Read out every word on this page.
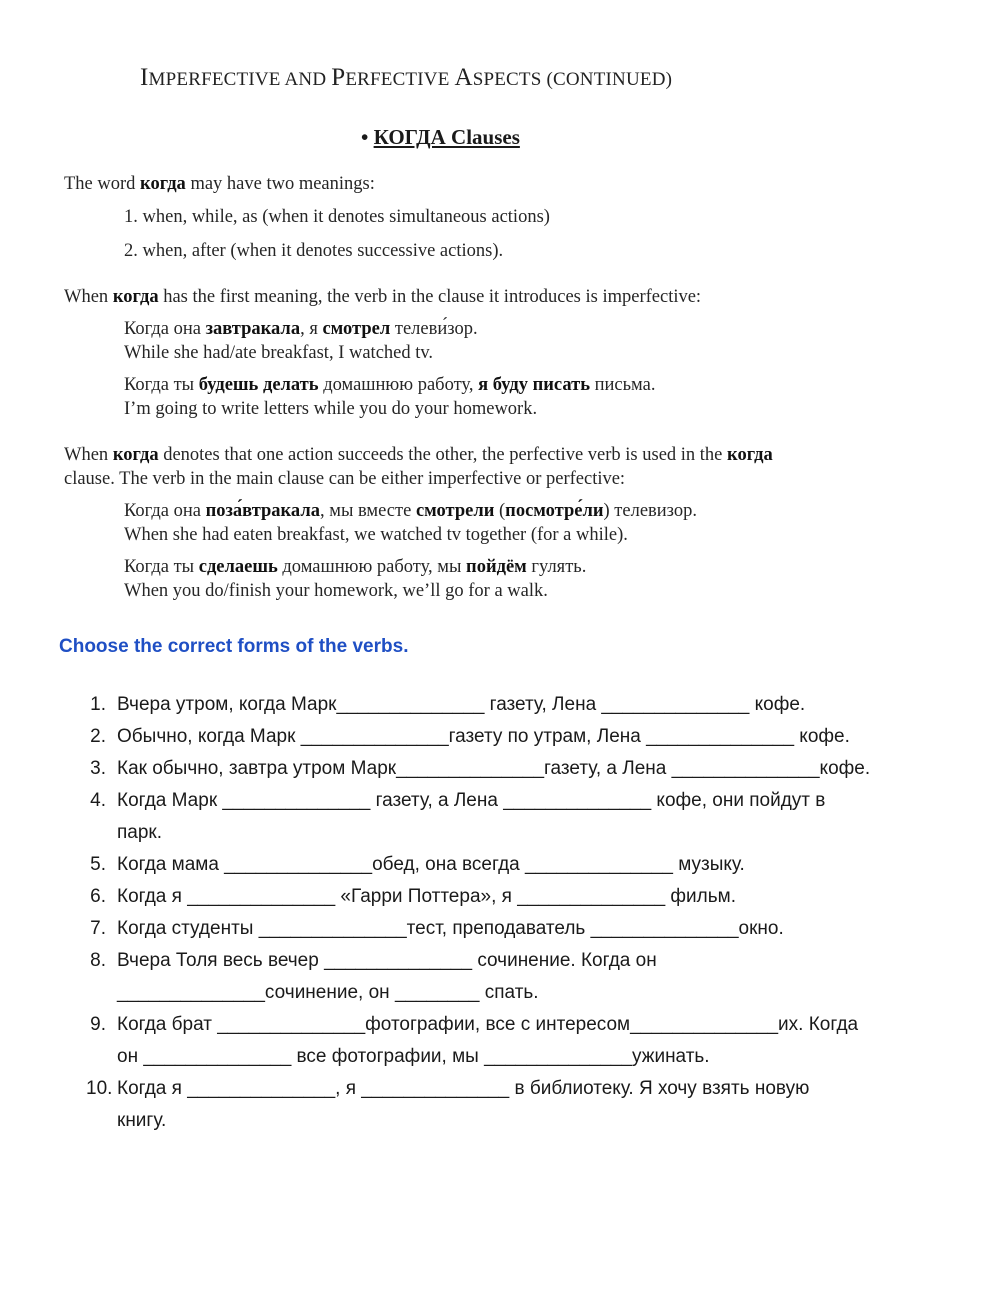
IMPERFECTIVE AND PERFECTIVE ASPECTS (CONTINUED)
• КОГДА Clauses
The word когда may have two meanings:
1. when, while, as (when it denotes simultaneous actions)
2. when, after (when it denotes successive actions).
When когда has the first meaning, the verb in the clause it introduces is imperfective:
Когда она завтракала, я смотрел телеви́зор.
While she had/ate breakfast, I watched tv.
Когда ты будешь делать домашнюю работу, я буду писать письма.
I’m going to write letters while you do your homework.
When когда denotes that one action succeeds the other, the perfective verb is used in the когда
clause. The verb in the main clause can be either imperfective or perfective:
Когда она поза́втракала, мы вместе смотрели (посмотре́ли) телевизор.
When she had eaten breakfast, we watched tv together (for a while).
Когда ты сделаешь домашнюю работу, мы пойдём гулять.
When you do/finish your homework, we’ll go for a walk.
Choose the correct forms of the verbs.
1. Вчера утром, когда Марк______________ газету, Лена ______________ кофе.
2. Обычно, когда Марк ______________газету по утрам, Лена ______________ кофе.
3. Как обычно, завтра утром Марк______________газету, а Лена ______________кофе.
4. Когда Марк ______________ газету, а Лена ______________ кофе, они пойдут в
парк.
5. Когда мама ______________обед, она всегда ______________ музыку.
6. Когда я ______________ «Гарри Поттера», я ______________ фильм.
7. Когда студенты ______________тест, преподаватель ______________окно.
8. Вчера Толя весь вечер ______________ сочинение. Когда он
______________сочинение, он ________ спать.
9. Когда брат ______________фотографии, все с интересом______________их. Когда
он ______________ все фотографии, мы ______________ужинать.
10. Когда я ______________, я ______________ в библиотеку. Я хочу взять новую
книгу.
